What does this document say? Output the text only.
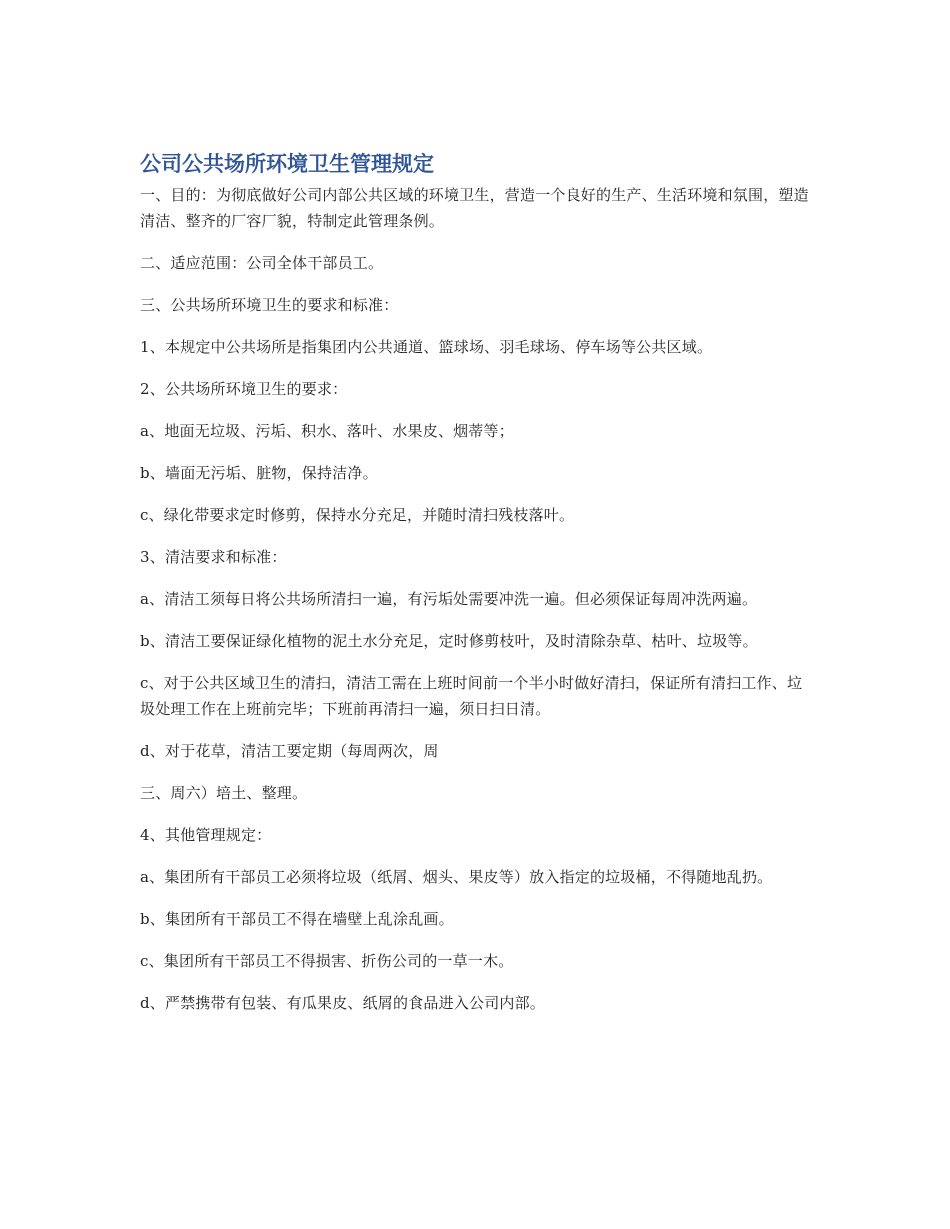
公司公共场所环境卫生管理规定

一、目的：为彻底做好公司内部公共区域的环境卫生，营造一个良好的生产、生活环境和氛围，塑造清洁、整齐的厂容厂貌，特制定此管理条例。

二、适应范围：公司全体干部员工。

三、公共场所环境卫生的要求和标准：

1、本规定中公共场所是指集团内公共通道、篮球场、羽毛球场、停车场等公共区域。

2、公共场所环境卫生的要求：

a、地面无垃圾、污垢、积水、落叶、水果皮、烟蒂等；

b、墙面无污垢、脏物，保持洁净。

c、绿化带要求定时修剪，保持水分充足，并随时清扫残枝落叶。

3、清洁要求和标准：

a、清洁工须每日将公共场所清扫一遍，有污垢处需要冲洗一遍。但必须保证每周冲洗两遍。

b、清洁工要保证绿化植物的泥土水分充足，定时修剪枝叶，及时清除杂草、枯叶、垃圾等。

c、对于公共区域卫生的清扫，清洁工需在上班时间前一个半小时做好清扫，保证所有清扫工作、垃圾处理工作在上班前完毕；下班前再清扫一遍，须日扫日清。

d、对于花草，清洁工要定期（每周两次，周

三、周六）培土、整理。

4、其他管理规定：

a、集团所有干部员工必须将垃圾（纸屑、烟头、果皮等）放入指定的垃圾桶，不得随地乱扔。

b、集团所有干部员工不得在墙壁上乱涂乱画。

c、集团所有干部员工不得损害、折伤公司的一草一木。

d、严禁携带有包装、有瓜果皮、纸屑的食品进入公司内部。
